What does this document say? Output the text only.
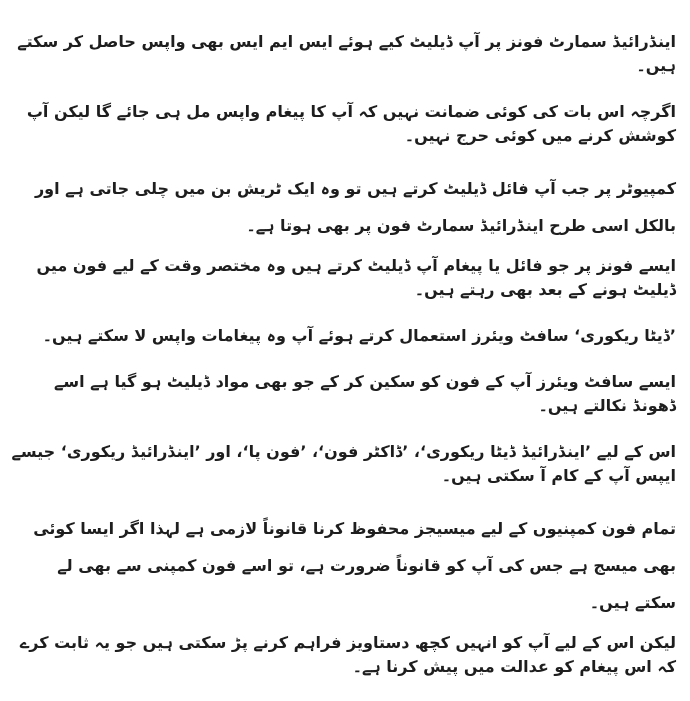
اینڈرائیڈ سمارٹ فونز پر آپ ڈیلیٹ کیے ہوئے ایس ایم ایس بھی واپس حاصل کر سکتے ہیں۔

اگرچہ اس بات کی کوئی ضمانت نہیں کہ آپ کا پیغام واپس مل ہی جائے گا لیکن آپ کوشش کرنے میں کوئی حرج نہیں۔

کمپیوٹر پر جب آپ فائل ڈیلیٹ کرتے ہیں تو وہ ایک ٹریش بن میں چلی جاتی ہے اور بالکل اسی طرح اینڈرائیڈ سمارٹ فون پر بھی ہوتا ہے۔

ایسے فونز پر جو فائل یا پیغام آپ ڈیلیٹ کرتے ہیں وہ مختصر وقت کے لیے فون میں ڈیلیٹ ہونے کے بعد بھی رہتے ہیں۔

’ڈیٹا ریکوری‘ سافٹ ویئرز استعمال کرتے ہوئے آپ وہ پیغامات واپس لا سکتے ہیں۔

ایسے سافٹ ویئرز آپ کے فون کو سکین کر کے جو بھی مواد ڈیلیٹ ہو گیا ہے اسے ڈھونڈ نکالتے ہیں۔

اس کے لیے ’اینڈرائیڈ ڈیٹا ریکوری‘، ’ڈاکٹر فون‘، ’فون پا‘، اور ’اینڈرائیڈ ریکوری‘ جیسے ایپس آپ کے کام آ سکتی ہیں۔

تمام فون کمپنیوں کے لیے میسیجز محفوظ کرنا قانوناً لازمی ہے لہذا اگر ایسا کوئی بھی میسج ہے جس کی آپ کو قانوناً ضرورت ہے، تو اسے فون کمپنی سے بھی لے سکتے ہیں۔

لیکن اس کے لیے آپ کو انہیں کچھ دستاویز فراہم کرنے پڑ سکتی ہیں جو یہ ثابت کرے کہ اس پیغام کو عدالت میں پیش کرنا ہے۔
